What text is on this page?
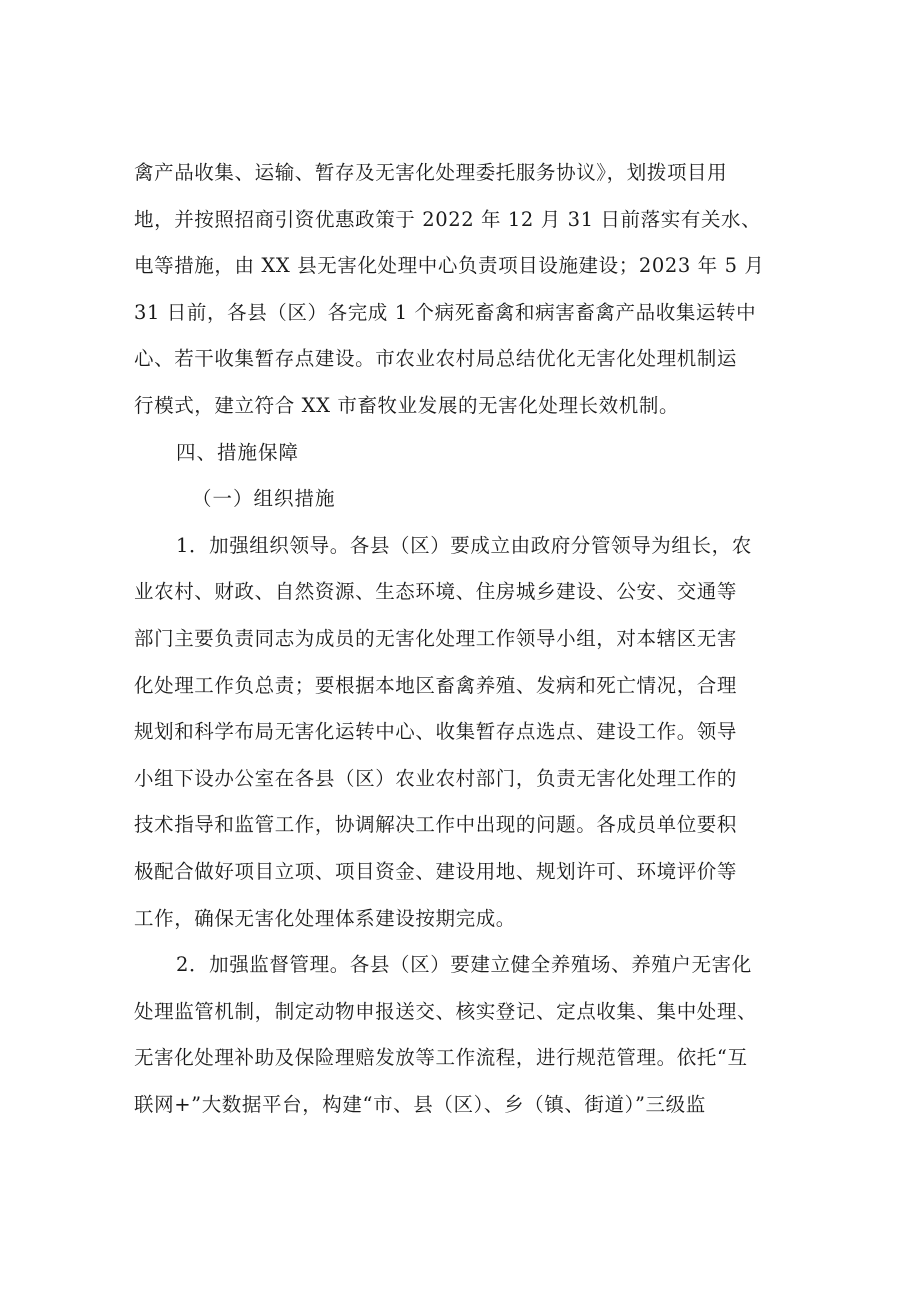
禽产品收集、运输、暂存及无害化处理委托服务协议》，划拨项目用
地，并按照招商引资优惠政策于 2022 年 12 月 31 日前落实有关水、
电等措施，由 XX 县无害化处理中心负责项目设施建设；2023 年 5 月
31 日前，各县（区）各完成 1 个病死畜禽和病害畜禽产品收集运转中
心、若干收集暂存点建设。市农业农村局总结优化无害化处理机制运
行模式，建立符合 XX 市畜牧业发展的无害化处理长效机制。
四、措施保障
（一）组织措施
1．加强组织领导。各县（区）要成立由政府分管领导为组长，农
业农村、财政、自然资源、生态环境、住房城乡建设、公安、交通等
部门主要负责同志为成员的无害化处理工作领导小组，对本辖区无害
化处理工作负总责；要根据本地区畜禽养殖、发病和死亡情况，合理
规划和科学布局无害化运转中心、收集暂存点选点、建设工作。领导
小组下设办公室在各县（区）农业农村部门，负责无害化处理工作的
技术指导和监管工作，协调解决工作中出现的问题。各成员单位要积
极配合做好项目立项、项目资金、建设用地、规划许可、环境评价等
工作，确保无害化处理体系建设按期完成。
2．加强监督管理。各县（区）要建立健全养殖场、养殖户无害化
处理监管机制，制定动物申报送交、核实登记、定点收集、集中处理、
无害化处理补助及保险理赔发放等工作流程，进行规范管理。依托“互
联网+”大数据平台，构建“市、县（区）、乡（镇、街道）”三级监
